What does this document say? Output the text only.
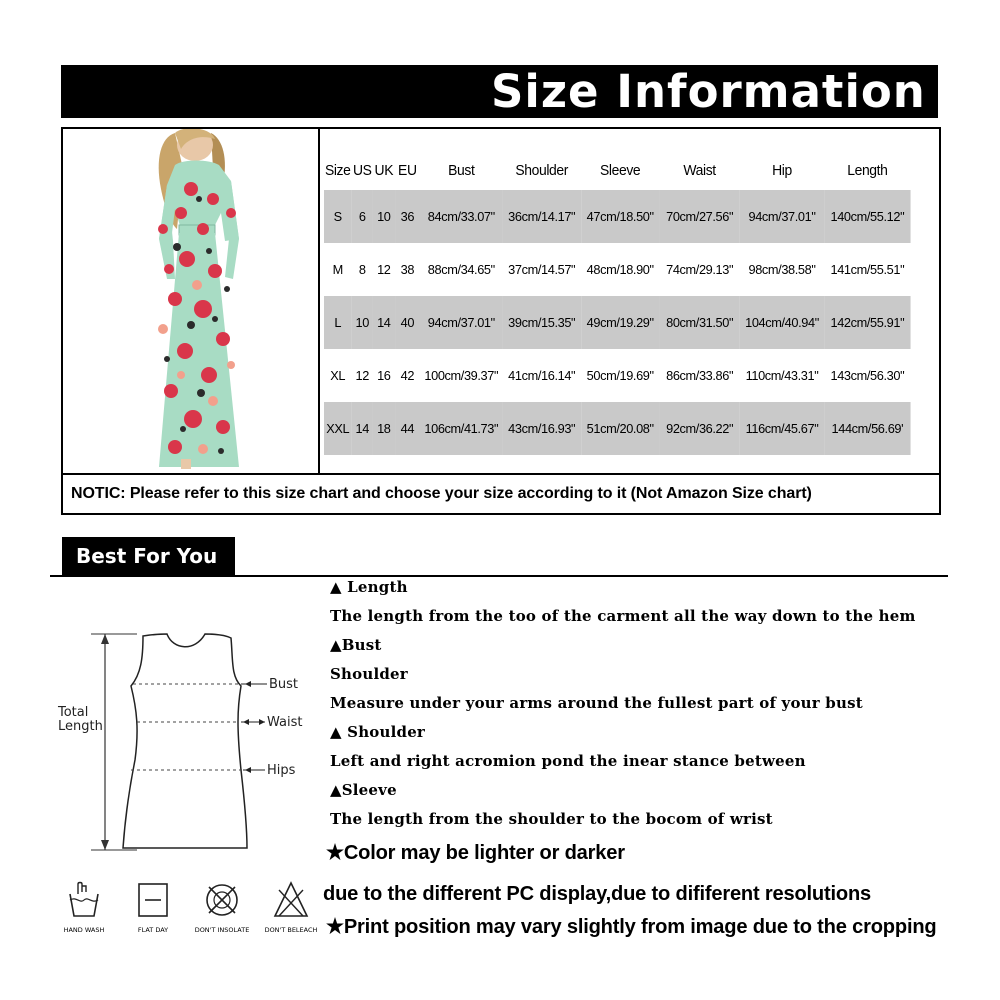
Size Information
Size	US	UK	EU	Bust	Shoulder	Sleeve	Waist	Hip	Length
S	6	10	36	84cm/33.07"	36cm/14.17"	47cm/18.50"	70cm/27.56"	94cm/37.01"	140cm/55.12"
M	8	12	38	88cm/34.65"	37cm/14.57"	48cm/18.90"	74cm/29.13"	98cm/38.58"	141cm/55.51"
L	10	14	40	94cm/37.01"	39cm/15.35"	49cm/19.29"	80cm/31.50"	104cm/40.94"	142cm/55.91"
XL	12	16	42	100cm/39.37"	41cm/16.14"	50cm/19.69"	86cm/33.86"	110cm/43.31"	143cm/56.30"
XXL	14	18	44	106cm/41.73"	43cm/16.93"	51cm/20.08"	92cm/36.22"	116cm/45.67"	144cm/56.69'
NOTIC: Please refer to this size chart and choose your size according to it (Not Amazon Size chart)
Best For You
Total
Length
Bust
Waist
Hips
▲ Length
The length from the too of the carment all the way down to the hem
▲Bust
Shoulder
Measure under your arms around the fullest part of your bust
▲ Shoulder
Left and right acromion pond the inear stance between
▲Sleeve
The length from the shoulder to the bocom of wrist
★Color may be lighter or darker
due to the different PC display,due to dififerent resolutions
★Print position may vary slightly from image due to the cropping
HAND WASH	FLAT DAY	DON'T INSOLATE	DON'T BELEACH
